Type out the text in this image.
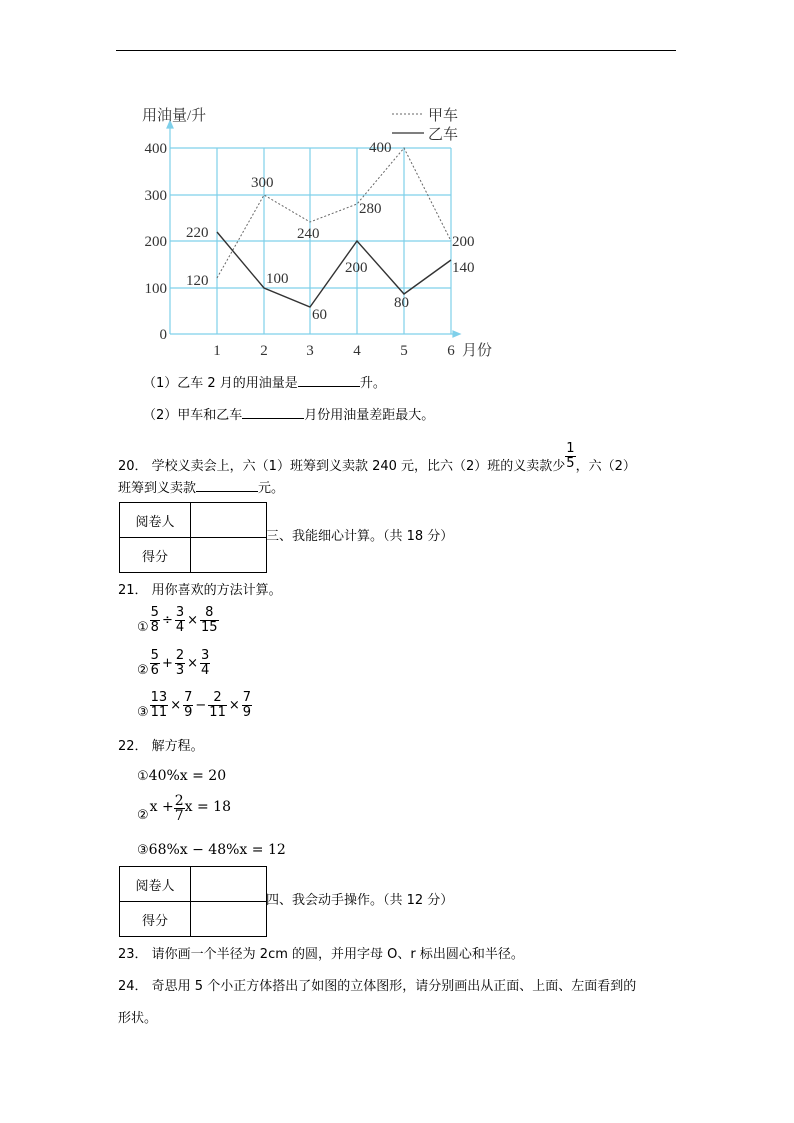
甲车
乙车
用油量/升
400
300
200
100
0
1	2	3	4	5	6 月份
120
300
240
280
400
200
220
100
60
200
80
140
（1）乙车 2 月的用油量是	升。
（2）甲车和乙车	月份用油量差距最大。
20． 学校义卖会上，六（1）班筹到义卖款 240 元，比六（2）班的义卖款少 $\frac{1}{5}$ ，六（2）
班筹到义卖款	元。
阅卷人	
得分	
三、我能细心计算。（共 18 分）
21． 用你喜欢的方法计算。
① $\frac{5}{8} \div \frac{3}{4} \times \frac{8}{15}$
② $\frac{5}{6} + \frac{2}{3} \times \frac{3}{4}$
③ $\frac{13}{11} \times \frac{7}{9} - \frac{2}{11} \times \frac{7}{9}$
22． 解方程。
①40%x = 20
②
$x + \frac{2}{7}$ x = 18
③68%x − 48%x = 12
阅卷人	
得分	
四、我会动手操作。（共 12 分）
23． 请你画一个半径为 2cm 的圆，并用字母 O、r 标出圆心和半径。
24． 奇思用 5 个小正方体搭出了如图的立体图形，请分别画出从正面、上面、左面看到的
形状。
